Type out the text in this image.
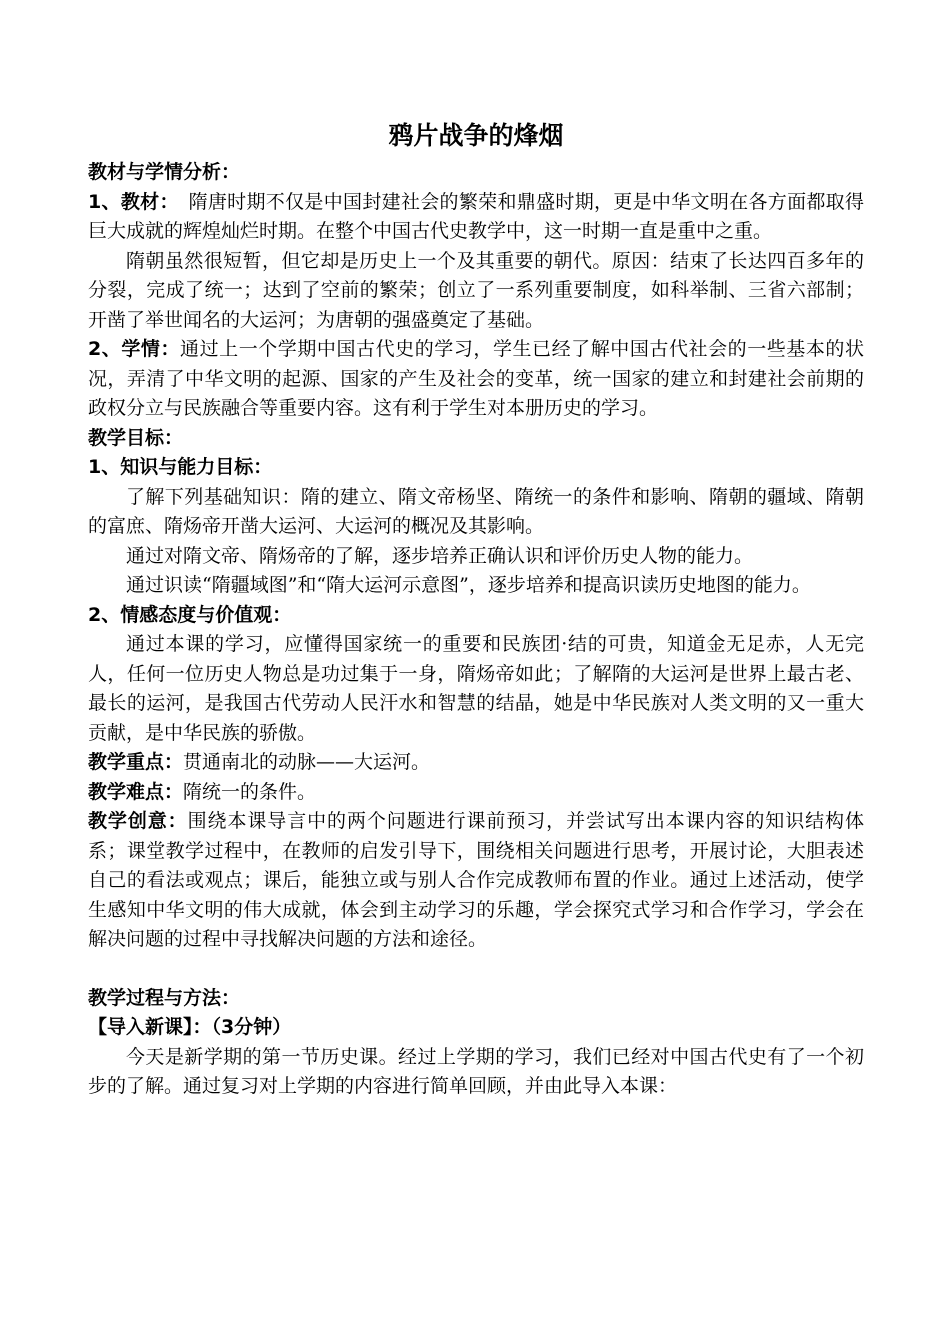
鸦片战争的烽烟

教材与学情分析：

1、教材：　隋唐时期不仅是中国封建社会的繁荣和鼎盛时期，更是中华文明在各方面都取得巨大成就的辉煌灿烂时期。在整个中国古代史教学中，这一时期一直是重中之重。

隋朝虽然很短暂，但它却是历史上一个及其重要的朝代。原因：结束了长达四百多年的分裂，完成了统一；达到了空前的繁荣；创立了一系列重要制度，如科举制、三省六部制；开凿了举世闻名的大运河；为唐朝的强盛奠定了基础。

2、学情：通过上一个学期中国古代史的学习，学生已经了解中国古代社会的一些基本的状况，弄清了中华文明的起源、国家的产生及社会的变革，统一国家的建立和封建社会前期的政权分立与民族融合等重要内容。这有利于学生对本册历史的学习。

教学目标：

1、知识与能力目标：

了解下列基础知识：隋的建立、隋文帝杨坚、隋统一的条件和影响、隋朝的疆域、隋朝的富庶、隋炀帝开凿大运河、大运河的概况及其影响。

通过对隋文帝、隋炀帝的了解，逐步培养正确认识和评价历史人物的能力。

通过识读“隋疆域图”和“隋大运河示意图”，逐步培养和提高识读历史地图的能力。

2、情感态度与价值观：

通过本课的学习，应懂得国家统一的重要和民族团·结的可贵，知道金无足赤，人无完人，任何一位历史人物总是功过集于一身，隋炀帝如此；了解隋的大运河是世界上最古老、最长的运河，是我国古代劳动人民汗水和智慧的结晶，她是中华民族对人类文明的又一重大贡献，是中华民族的骄傲。

教学重点：贯通南北的动脉——大运河。

教学难点：隋统一的条件。

教学创意：围绕本课导言中的两个问题进行课前预习，并尝试写出本课内容的知识结构体系；课堂教学过程中，在教师的启发引导下，围绕相关问题进行思考，开展讨论，大胆表述自己的看法或观点；课后，能独立或与别人合作完成教师布置的作业。通过上述活动，使学生感知中华文明的伟大成就，体会到主动学习的乐趣，学会探究式学习和合作学习，学会在解决问题的过程中寻找解决问题的方法和途径。

教学过程与方法：

【导入新课】：（3分钟）

今天是新学期的第一节历史课。经过上学期的学习，我们已经对中国古代史有了一个初步的了解。通过复习对上学期的内容进行简单回顾，并由此导入本课：
